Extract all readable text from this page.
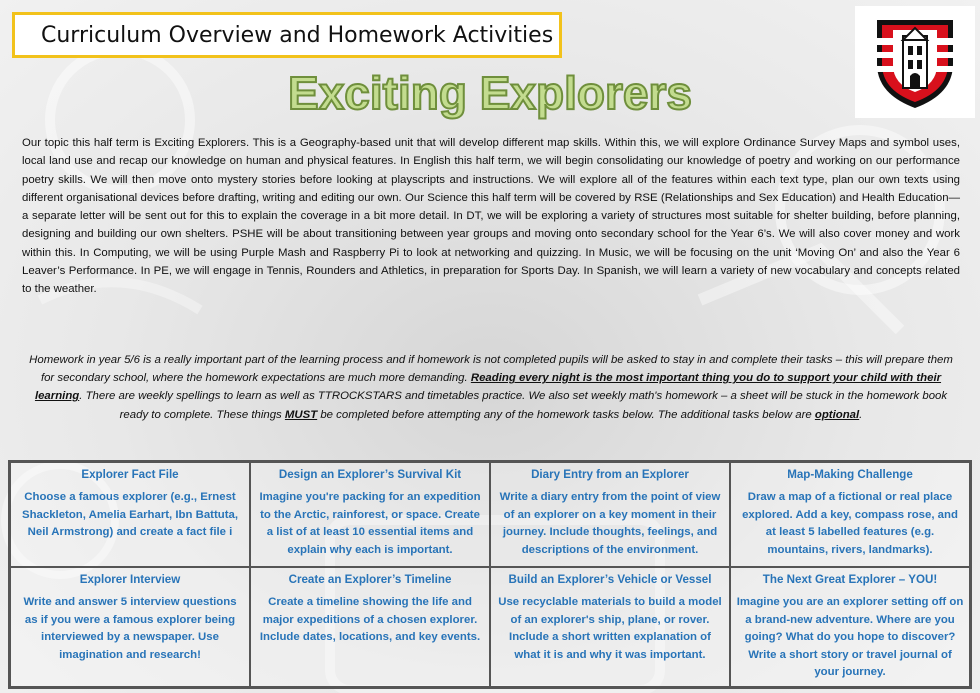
Curriculum Overview and Homework Activities
Exciting Explorers

Our topic this half term is Exciting Explorers. This is a Geography-based unit that will develop different map skills. Within this, we will explore Ordinance Survey Maps and symbol uses, local land use and recap our knowledge on human and physical features. In English this half term, we will begin consolidating our knowledge of poetry and working on our performance poetry skills. We will then move onto mystery stories before looking at playscripts and instructions. We will explore all of the features within each text type, plan our own texts using different organisational devices before drafting, writing and editing our own. Our Science this half term will be covered by RSE (Relationships and Sex Education) and Health Education—a separate letter will be sent out for this to explain the coverage in a bit more detail. In DT, we will be exploring a variety of structures most suitable for shelter building, before planning, designing and building our own shelters. PSHE will be about transitioning between year groups and moving onto secondary school for the Year 6’s. We will also cover money and work within this. In Computing, we will be using Purple Mash and Raspberry Pi to look at networking and quizzing. In Music, we will be focusing on the unit ‘Moving On’ and also the Year 6 Leaver’s Performance. In PE, we will engage in Tennis, Rounders and Athletics, in preparation for Sports Day. In Spanish, we will learn a variety of new vocabulary and concepts related to the weather.

Homework in year 5/6 is a really important part of the learning process and if homework is not completed pupils will be asked to stay in and complete their tasks – this will prepare them for secondary school, where the homework expectations are much more demanding. Reading every night is the most important thing you do to support your child with their learning. There are weekly spellings to learn as well as TTROCKSTARS and timetables practice. We also set weekly math's homework – a sheet will be stuck in the homework book ready to complete. These things MUST be completed before attempting any of the homework tasks below. The additional tasks below are optional.

Explorer Fact File
Choose a famous explorer (e.g., Ernest Shackleton, Amelia Earhart, Ibn Battuta, Neil Armstrong) and create a fact file i
Design an Explorer’s Survival Kit
Imagine you're packing for an expedition to the Arctic, rainforest, or space. Create a list of at least 10 essential items and explain why each is important.
Diary Entry from an Explorer
Write a diary entry from the point of view of an explorer on a key moment in their journey. Include thoughts, feelings, and descriptions of the environment.
Map-Making Challenge
Draw a map of a fictional or real place explored. Add a key, compass rose, and at least 5 labelled features (e.g. mountains, rivers, landmarks).
Explorer Interview
Write and answer 5 interview questions as if you were a famous explorer being interviewed by a newspaper. Use imagination and research!
Create an Explorer’s Timeline
Create a timeline showing the life and major expeditions of a chosen explorer. Include dates, locations, and key events.
Build an Explorer’s Vehicle or Vessel
Use recyclable materials to build a model of an explorer's ship, plane, or rover. Include a short written explanation of what it is and why it was important.
The Next Great Explorer – YOU!
Imagine you are an explorer setting off on a brand-new adventure. Where are you going? What do you hope to discover? Write a short story or travel journal of your journey.
